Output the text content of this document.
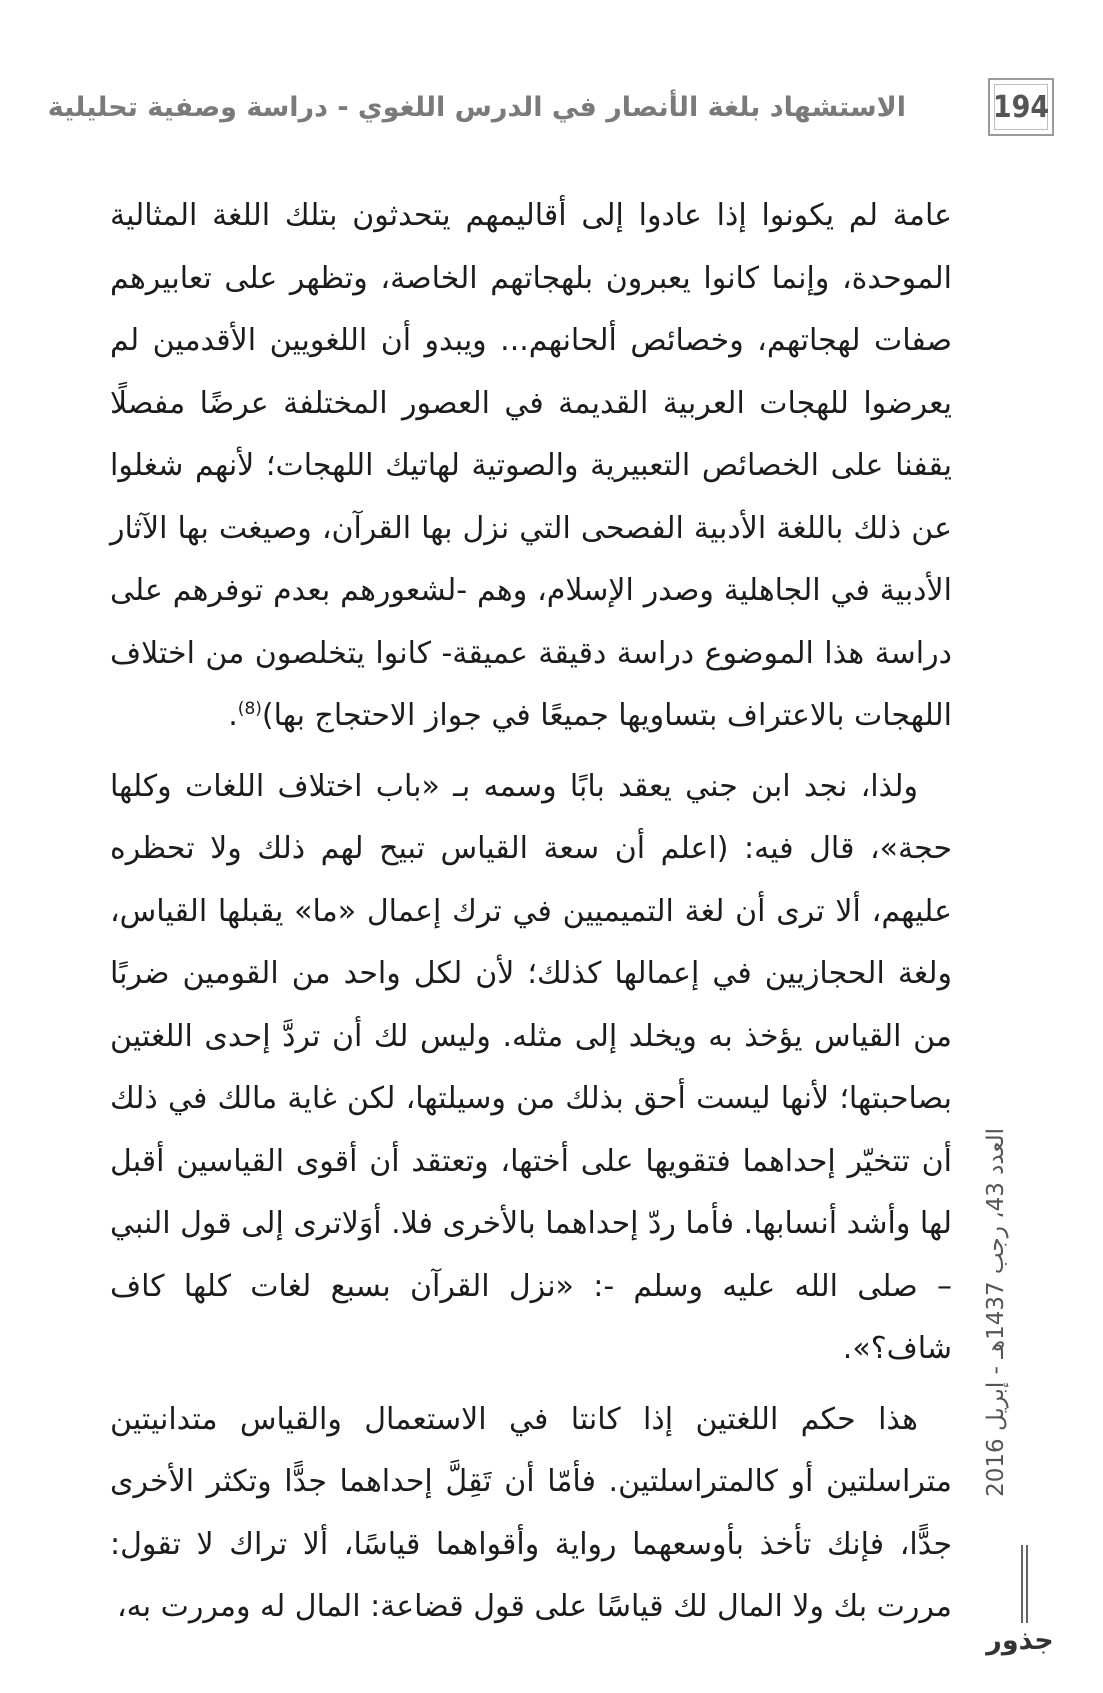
الاستشهاد بلغة الأنصار في الدرس اللغوي - دراسة وصفية تحليلية	194

عامة لم يكونوا إذا عادوا إلى أقاليمهم يتحدثون بتلك اللغة المثالية الموحدة، وإنما كانوا يعبرون بلهجاتهم الخاصة، وتظهر على تعابيرهم صفات لهجاتهم، وخصائص ألحانهم... ويبدو أن اللغويين الأقدمين لم يعرضوا للهجات العربية القديمة في العصور المختلفة عرضًا مفصلًا يقفنا على الخصائص التعبيرية والصوتية لهاتيك اللهجات؛ لأنهم شغلوا عن ذلك باللغة الأدبية الفصحى التي نزل بها القرآن، وصيغت بها الآثار الأدبية في الجاهلية وصدر الإسلام، وهم -لشعورهم بعدم توفرهم على دراسة هذا الموضوع دراسة دقيقة عميقة- كانوا يتخلصون من اختلاف اللهجات بالاعتراف بتساويها جميعًا في جواز الاحتجاج بها)$^{(8)}$.

ولذا، نجد ابن جني يعقد بابًا وسمه بـ «باب اختلاف اللغات وكلها حجة»، قال فيه: (اعلم أن سعة القياس تبيح لهم ذلك ولا تحظره عليهم، ألا ترى أن لغة التميميين في ترك إعمال «ما» يقبلها القياس، ولغة الحجازيين في إعمالها كذلك؛ لأن لكل واحد من القومين ضربًا من القياس يؤخذ به ويخلد إلى مثله. وليس لك أن تردَّ إحدى اللغتين بصاحبتها؛ لأنها ليست أحق بذلك من وسيلتها، لكن غاية مالك في ذلك أن تتخيّر إحداهما فتقويها على أختها، وتعتقد أن أقوى القياسين أقبل لها وأشد أنسابها. فأما ردّ إحداهما بالأخرى فلا. أوَلاترى إلى قول النبي – صلى الله عليه وسلم -: «نزل القرآن بسبع لغات كلها كاف شاف؟».

هذا حكم اللغتين إذا كانتا في الاستعمال والقياس متدانيتين متراسلتين أو كالمتراسلتين. فأمّا أن تَقِلَّ إحداهما جدًّا وتكثر الأخرى جدًّا، فإنك تأخذ بأوسعهما رواية وأقواهما قياسًا، ألا تراك لا تقول: مررت بك ولا المال لك قياسًا على قول قضاعة: المال له ومررت به،

العدد 43، رجب 1437هـ - إبريل 2016
جذور
